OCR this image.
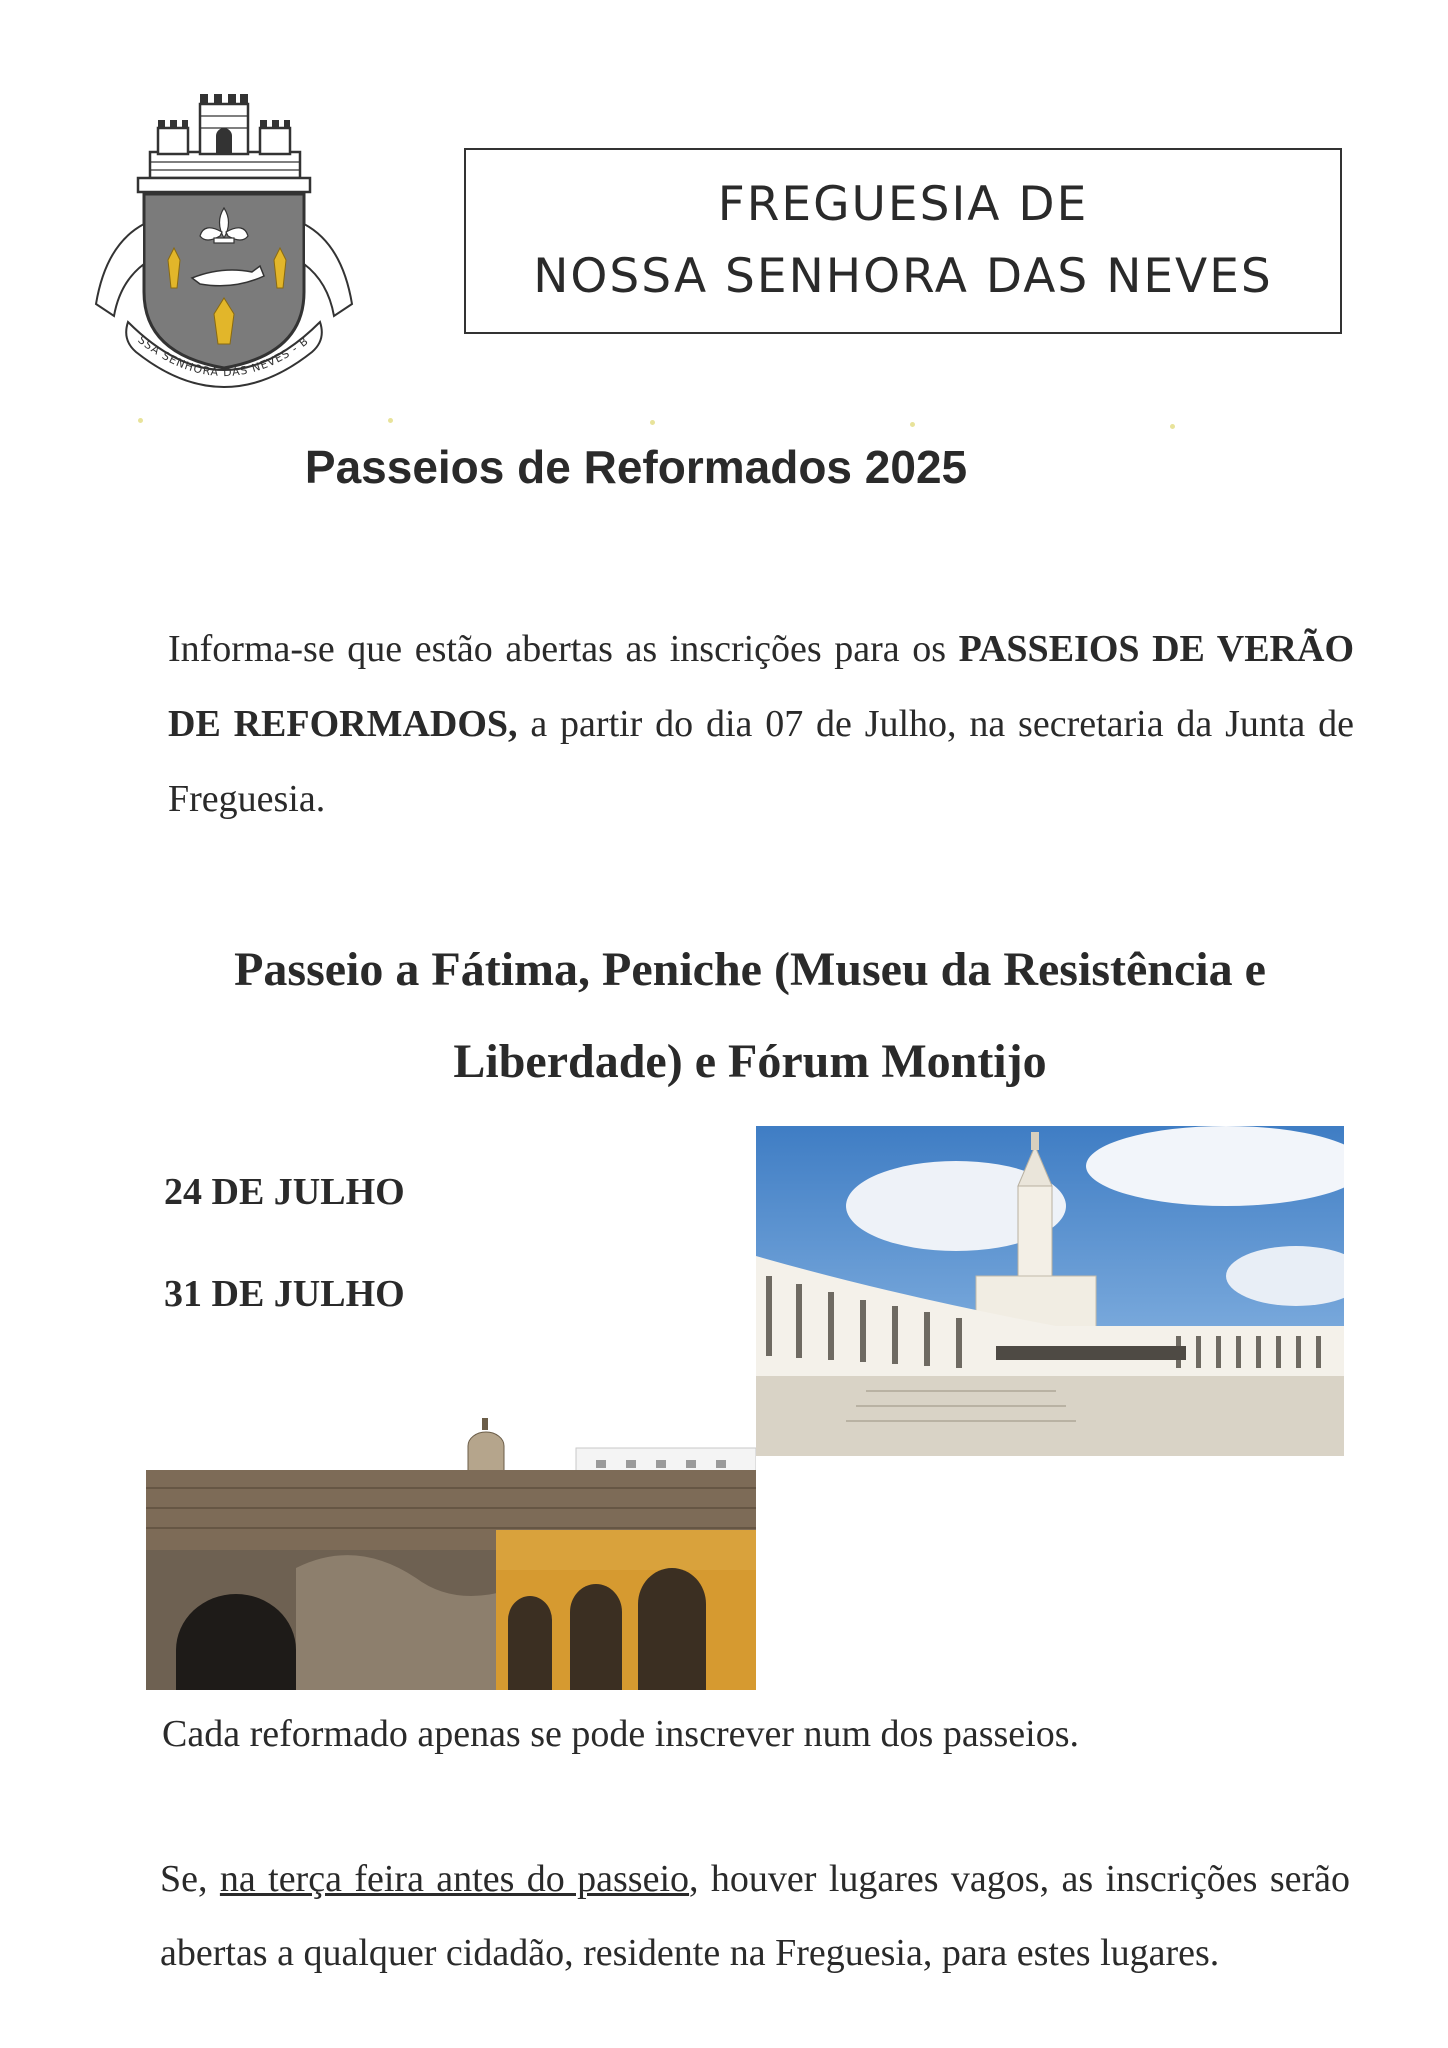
SSA SENHORA DAS NEVES - B
FREGUESIA DE
NOSSA SENHORA DAS NEVES
Passeios de Reformados 2025
Informa-se que estão abertas as inscrições para os PASSEIOS DE VERÃO DE REFORMADOS, a partir do dia 07 de Julho, na secretaria da Junta de Freguesia.
Passeio a Fátima, Peniche (Museu da Resistência e
Liberdade) e Fórum Montijo
24 DE JULHO
31 DE JULHO
Cada reformado apenas se pode inscrever num dos passeios.
Se, na terça feira antes do passeio, houver lugares vagos, as inscrições serão abertas a qualquer cidadão, residente na Freguesia, para estes lugares.
